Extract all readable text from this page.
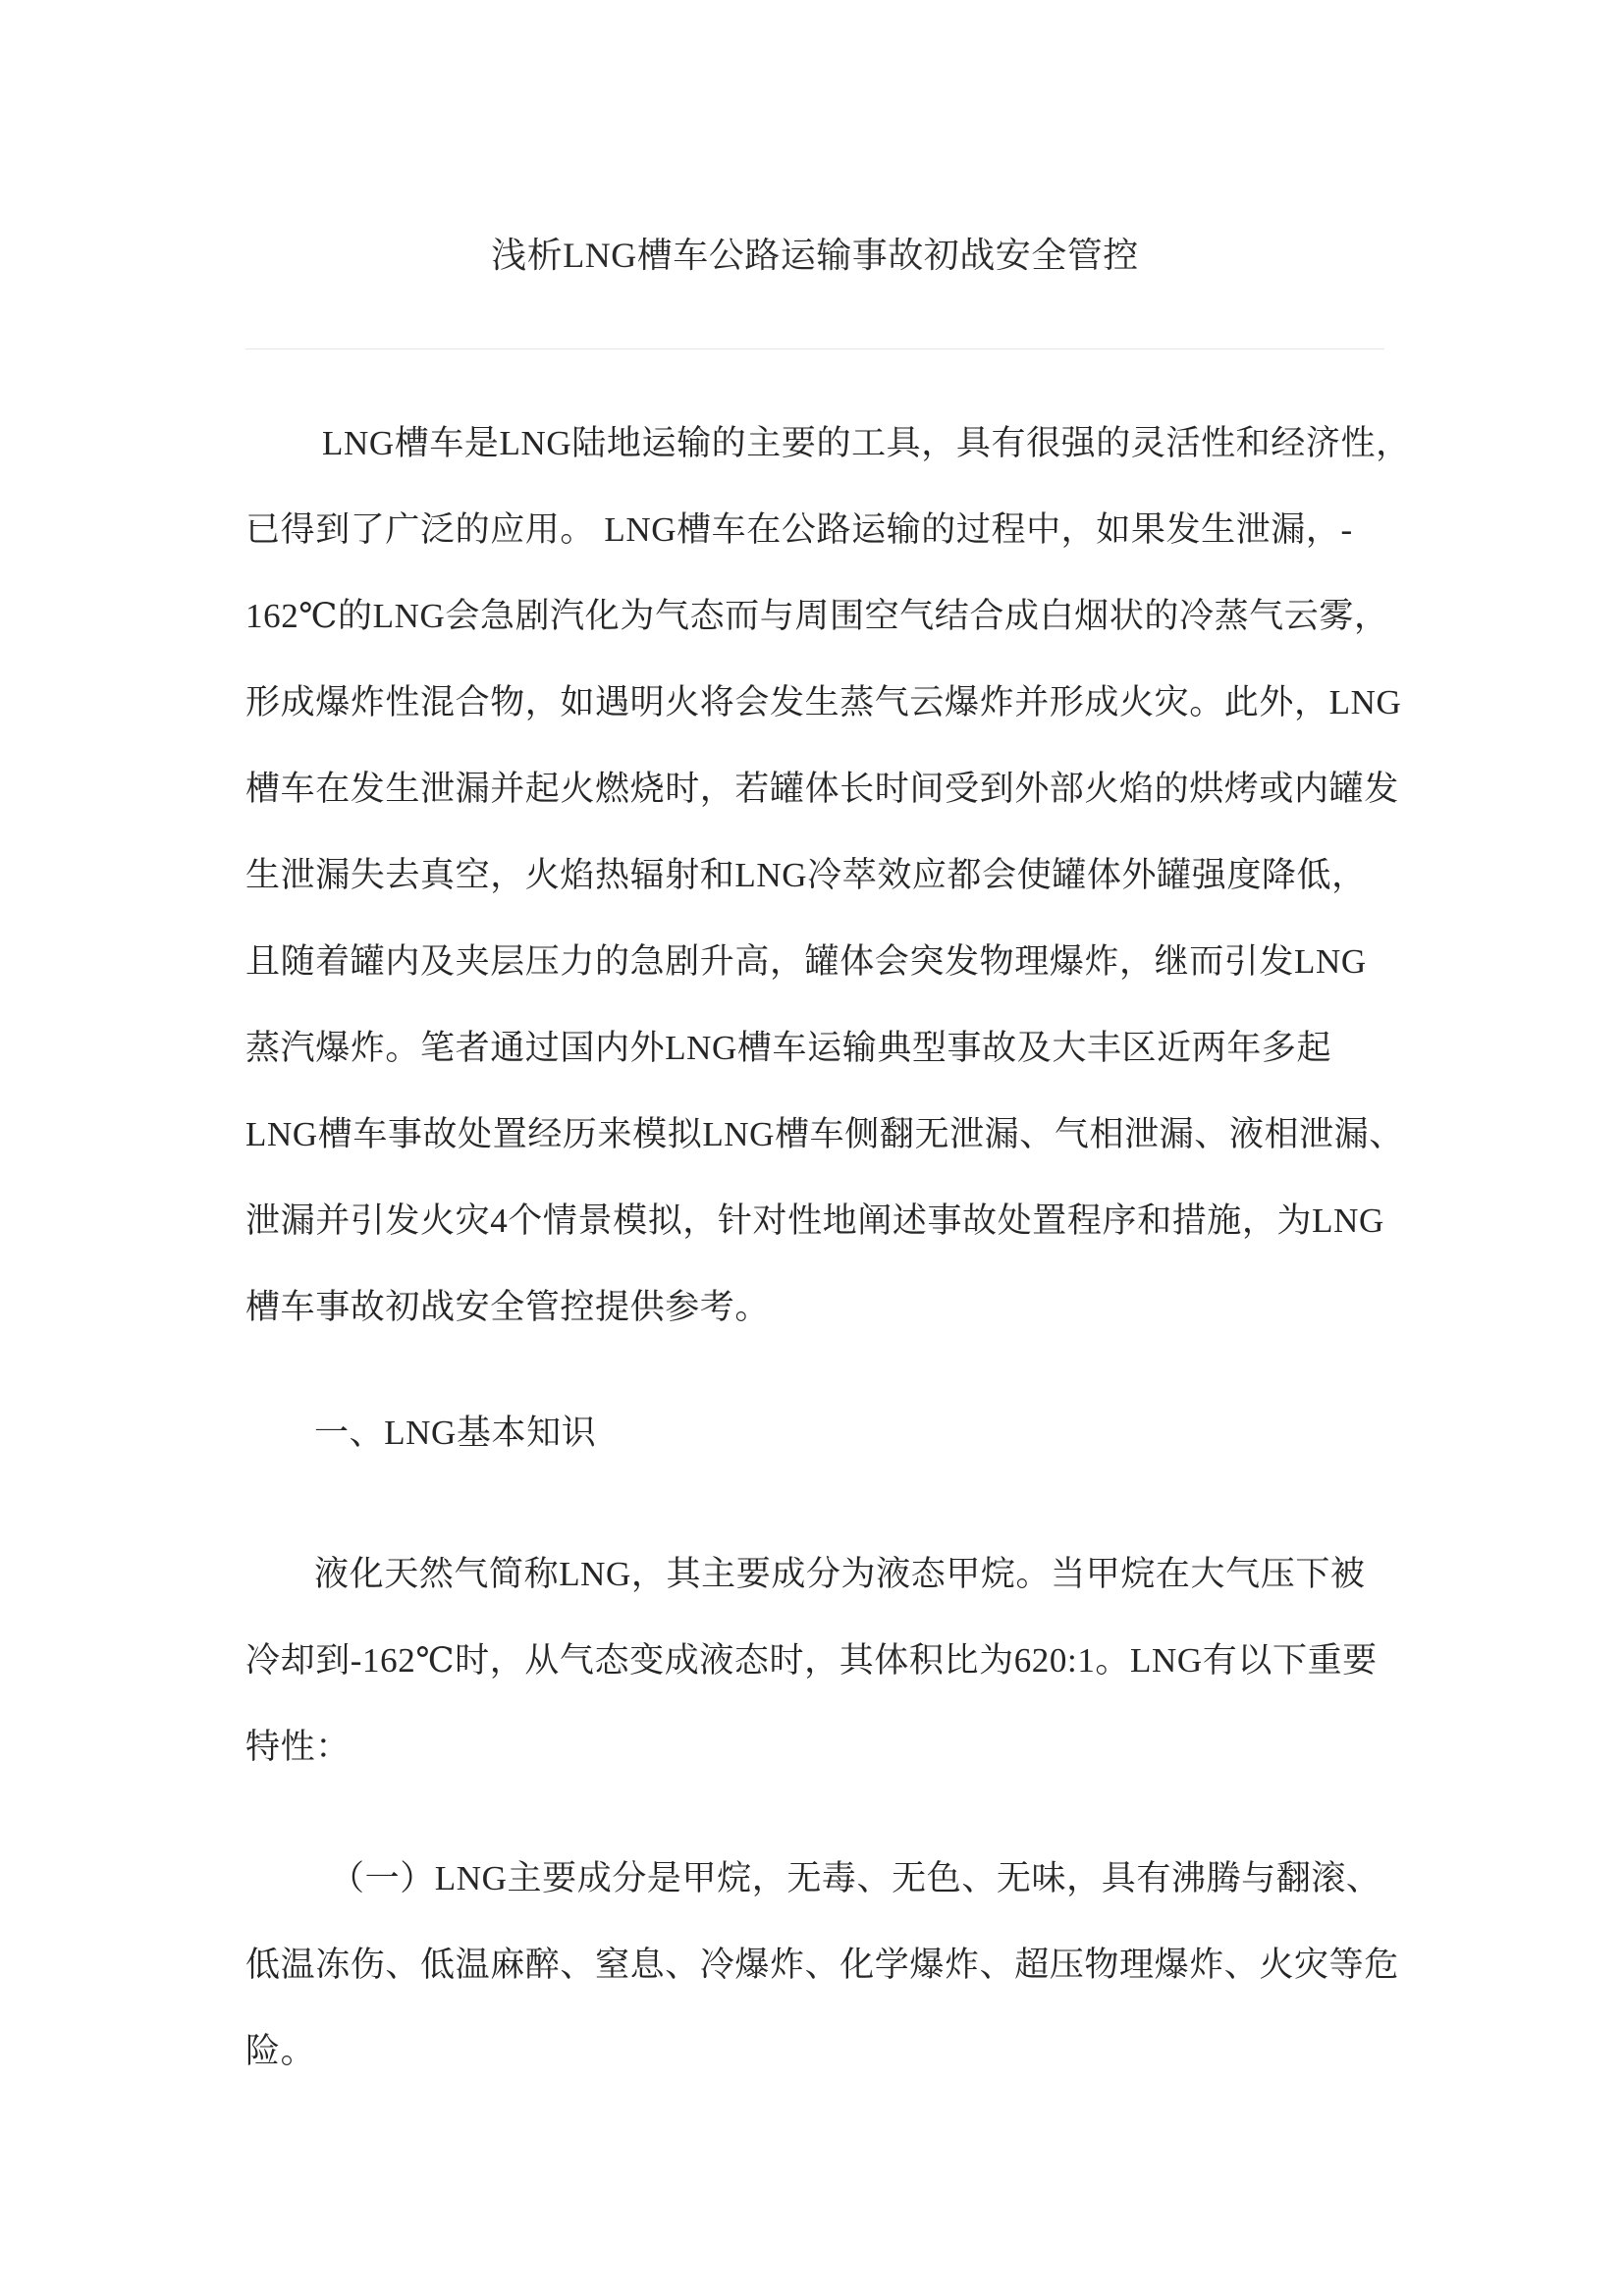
浅析LNG槽车公路运输事故初战安全管控
LNG槽车是LNG陆地运输的主要的工具，具有很强的灵活性和经济性，
已得到了广泛的应用。 LNG槽车在公路运输的过程中，如果发生泄漏，-
162℃的LNG会急剧汽化为气态而与周围空气结合成白烟状的冷蒸气云雾，
形成爆炸性混合物，如遇明火将会发生蒸气云爆炸并形成火灾。此外，LNG
槽车在发生泄漏并起火燃烧时，若罐体长时间受到外部火焰的烘烤或内罐发
生泄漏失去真空，火焰热辐射和LNG冷萃效应都会使罐体外罐强度降低，
且随着罐内及夹层压力的急剧升高，罐体会突发物理爆炸，继而引发LNG
蒸汽爆炸。笔者通过国内外LNG槽车运输典型事故及大丰区近两年多起
LNG槽车事故处置经历来模拟LNG槽车侧翻无泄漏、气相泄漏、液相泄漏、
泄漏并引发火灾4个情景模拟，针对性地阐述事故处置程序和措施，为LNG
槽车事故初战安全管控提供参考。
一、LNG基本知识
液化天然气简称LNG，其主要成分为液态甲烷。当甲烷在大气压下被
冷却到-162℃时，从气态变成液态时，其体积比为620:1。LNG有以下重要
特性：
（一）LNG主要成分是甲烷，无毒、无色、无味，具有沸腾与翻滚、
低温冻伤、低温麻醉、窒息、冷爆炸、化学爆炸、超压物理爆炸、火灾等危
险。
